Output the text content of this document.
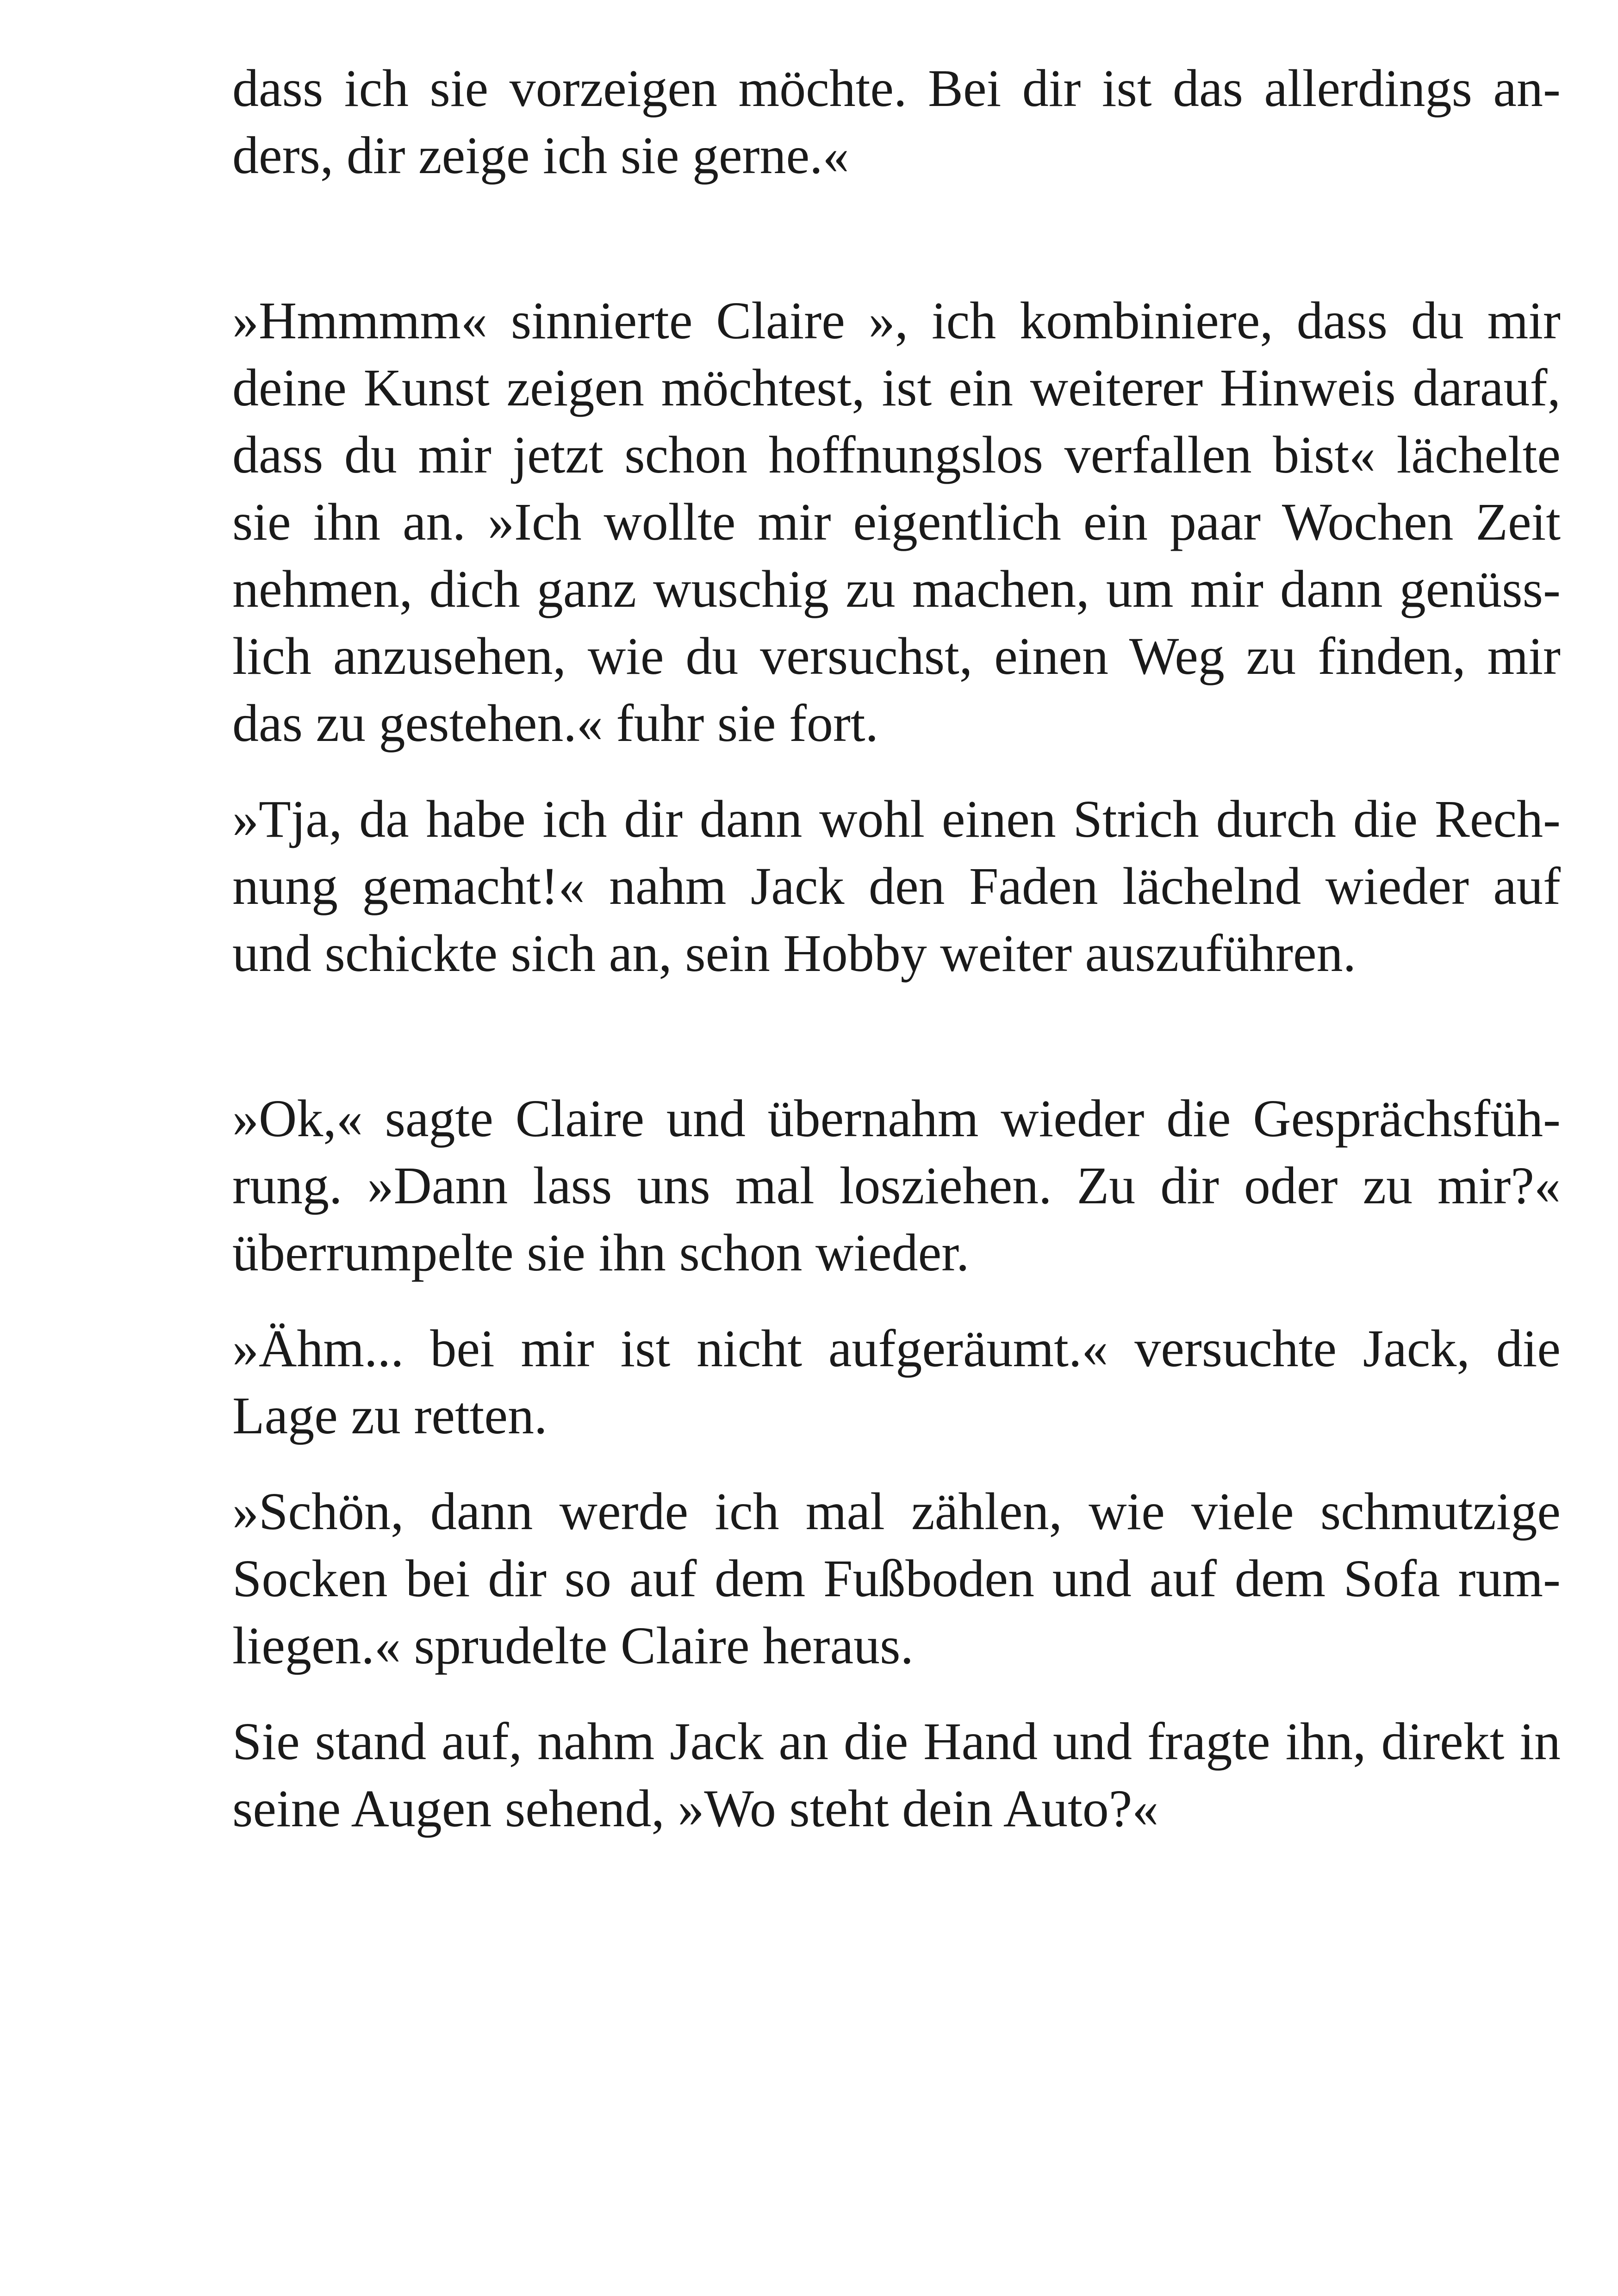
dass ich sie vorzeigen möchte. Bei dir ist das allerdings anders, dir zeige ich sie gerne.«

»Hmmmm« sinnierte Claire », ich kombiniere, dass du mir deine Kunst zeigen möchtest, ist ein weiterer Hinweis darauf, dass du mir jetzt schon hoffnungslos verfallen bist« lächelte sie ihn an. »Ich wollte mir eigentlich ein paar Wochen Zeit nehmen, dich ganz wuschig zu machen, um mir dann genüsslich anzusehen, wie du versuchst, einen Weg zu finden, mir das zu gestehen.« fuhr sie fort.

»Tja, da habe ich dir dann wohl einen Strich durch die Rechnung gemacht!« nahm Jack den Faden lächelnd wieder auf und schickte sich an, sein Hobby weiter auszuführen.

»Ok,« sagte Claire und übernahm wieder die Gesprächsführung. »Dann lass uns mal losziehen. Zu dir oder zu mir?« überrumpelte sie ihn schon wieder.

»Ähm... bei mir ist nicht aufgeräumt.« versuchte Jack, die Lage zu retten.

»Schön, dann werde ich mal zählen, wie viele schmutzige Socken bei dir so auf dem Fußboden und auf dem Sofa rumliegen.« sprudelte Claire heraus.

Sie stand auf, nahm Jack an die Hand und fragte ihn, direkt in seine Augen sehend, »Wo steht dein Auto?«
